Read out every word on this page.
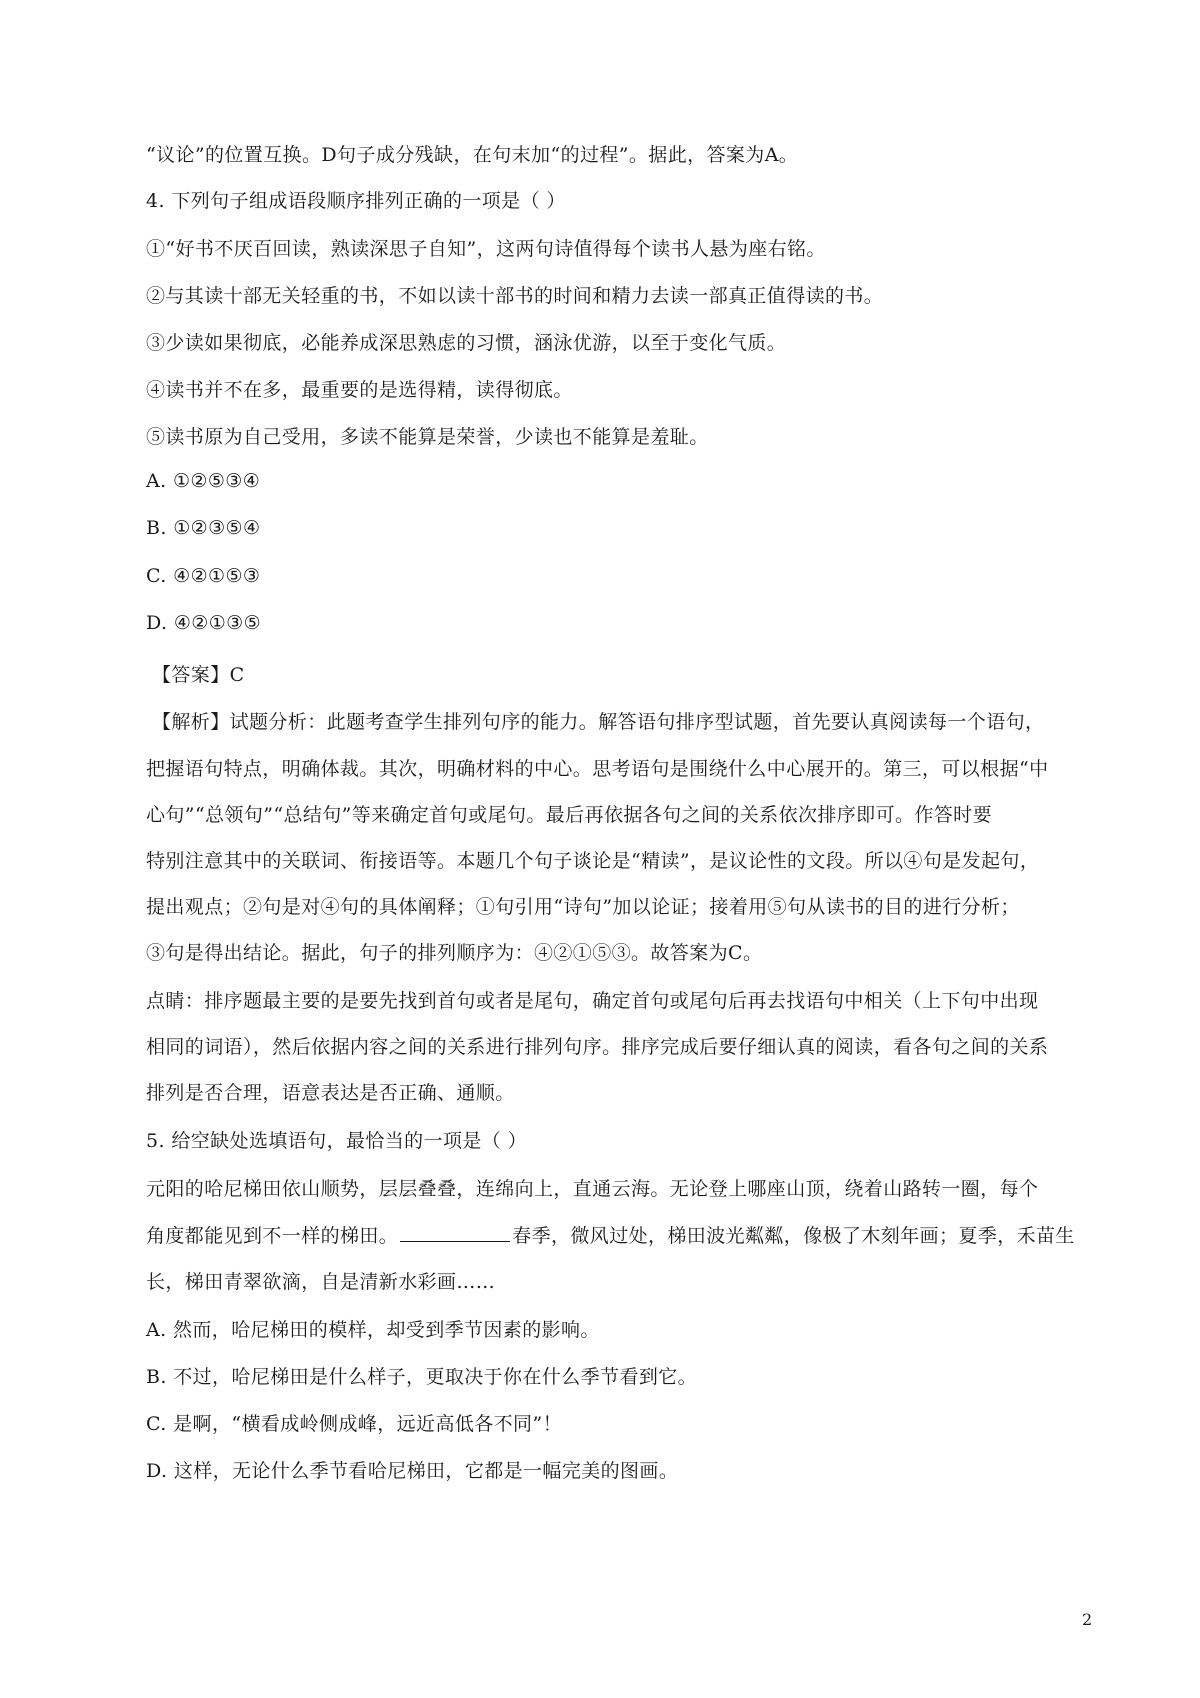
“议论”的位置互换。D句子成分残缺，在句末加“的过程”。据此，答案为A。
4. 下列句子组成语段顺序排列正确的一项是（ ）
①“好书不厌百回读，熟读深思子自知”，这两句诗值得每个读书人悬为座右铭。
②与其读十部无关轻重的书，不如以读十部书的时间和精力去读一部真正值得读的书。
③少读如果彻底，必能养成深思熟虑的习惯，涵泳优游，以至于变化气质。
④读书并不在多，最重要的是选得精，读得彻底。
⑤读书原为自己受用，多读不能算是荣誉，少读也不能算是羞耻。
A. ①②⑤③④
B. ①②③⑤④
C. ④②①⑤③
D. ④②①③⑤
【答案】C
【解析】试题分析：此题考查学生排列句序的能力。解答语句排序型试题，首先要认真阅读每一个语句，
把握语句特点，明确体裁。其次，明确材料的中心。思考语句是围绕什么中心展开的。第三，可以根据“中
心句”“总领句”“总结句”等来确定首句或尾句。最后再依据各句之间的关系依次排序即可。作答时要
特别注意其中的关联词、衔接语等。本题几个句子谈论是“精读”，是议论性的文段。所以④句是发起句，
提出观点；②句是对④句的具体阐释；①句引用“诗句”加以论证；接着用⑤句从读书的目的进行分析；
③句是得出结论。据此，句子的排列顺序为：④②①⑤③。故答案为C。
点睛：排序题最主要的是要先找到首句或者是尾句，确定首句或尾句后再去找语句中相关（上下句中出现
相同的词语），然后依据内容之间的关系进行排列句序。排序完成后要仔细认真的阅读，看各句之间的关系
排列是否合理，语意表达是否正确、通顺。
5. 给空缺处选填语句，最恰当的一项是（ ）
元阳的哈尼梯田依山顺势，层层叠叠，连绵向上，直通云海。无论登上哪座山顶，绕着山路转一圈，每个
角度都能见到不一样的梯田。	春季，微风过处，梯田波光粼粼，像极了木刻年画；夏季，禾苗生
长，梯田青翠欲滴，自是清新水彩画……
A. 然而，哈尼梯田的模样，却受到季节因素的影响。
B. 不过，哈尼梯田是什么样子，更取决于你在什么季节看到它。
C. 是啊，“横看成岭侧成峰，远近高低各不同”！
D. 这样，无论什么季节看哈尼梯田，它都是一幅完美的图画。
2
